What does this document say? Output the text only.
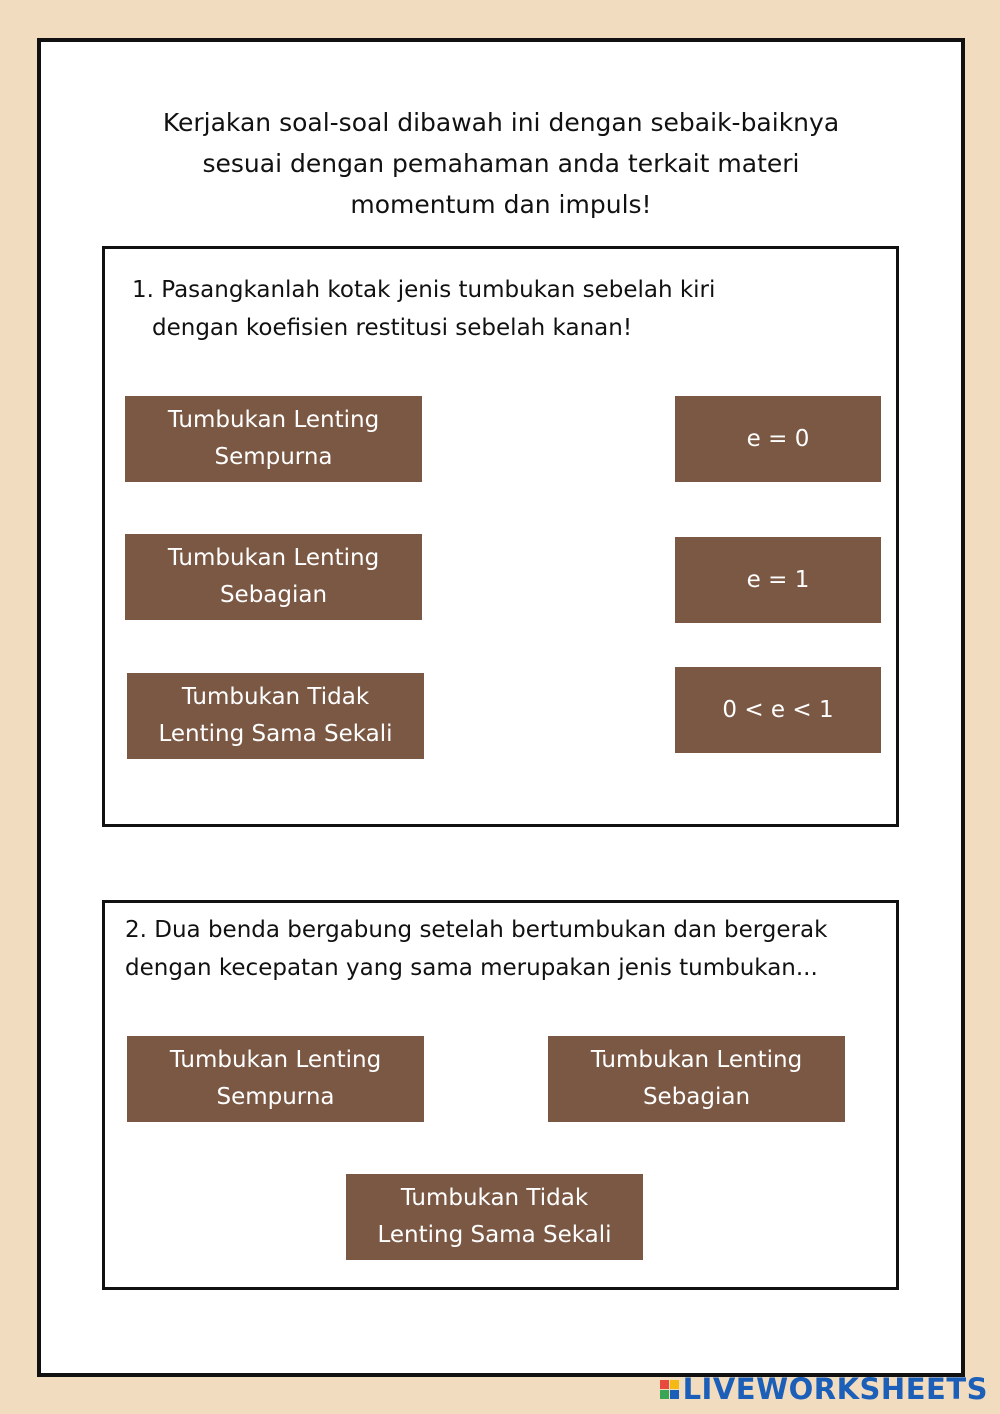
Kerjakan soal-soal dibawah ini dengan sebaik-baiknya
sesuai dengan pemahaman anda terkait materi
momentum dan impuls!
1. Pasangkanlah kotak jenis tumbukan sebelah kiri
dengan koefisien restitusi sebelah kanan!
Tumbukan Lenting
Sempurna
Tumbukan Lenting
Sebagian
Tumbukan Tidak
Lenting Sama Sekali
e = 0
e = 1
0 < e < 1
2. Dua benda bergabung setelah bertumbukan dan bergerak
dengan kecepatan yang sama merupakan jenis tumbukan...
Tumbukan Lenting
Sempurna
Tumbukan Lenting
Sebagian
Tumbukan Tidak
Lenting Sama Sekali
LIVEWORKSHEETS
